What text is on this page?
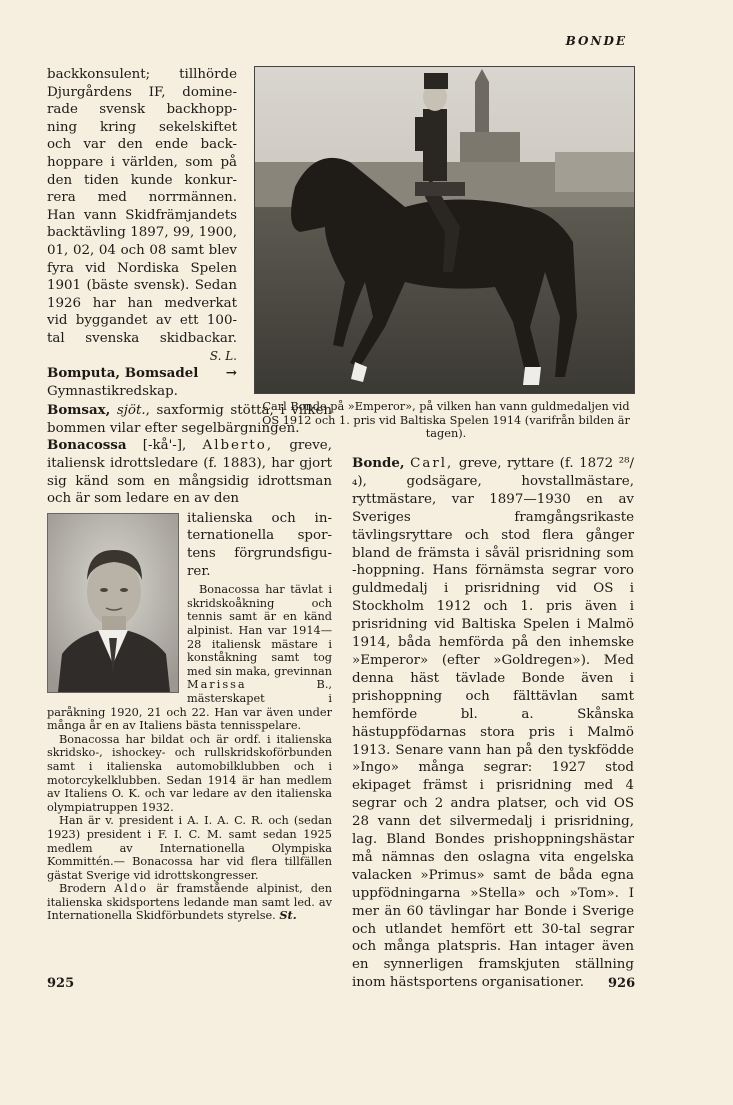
BONDE
backkonsulent; tillhörde
Djurgårdens IF, domine-
rade svensk backhopp-
ning kring sekelskiftet
och var den ende back-
hoppare i världen, som på
den tiden kunde konkur-
rera med norrmännen.
Han vann Skidfrämjandets
backtävling 1897, 99, 1900,
01, 02, 04 och 08 samt blev
fyra vid Nordiska Spelen
1901 (bäste svensk). Sedan
1926 har han medverkat
vid byggandet av ett 100-
tal svenska skidbackar.
S. L.

Bomputa, Bomsadel →

Gymnastikredskap.

Bomsax, sjöt., saxformig stötta, i vilken bommen vilar efter segelbärgningen.

Bonacossa [-kå'-], Alberto, greve, italiensk idrottsledare (f. 1883), har gjort sig känd som en mångsidig idrottsman och är som ledare en av den

italienska och in-
ternationella spor-
tens förgrundsfigu-
rer.

Bonacossa har tävlat i skridskoåkning och tennis samt är en känd alpinist. Han var 1914—28 italiensk mästare i konståkning samt tog med sin maka, grevinnan Marissa	B., mästerskapet i paråkning 1920, 21 och 22. Han var även under många år en av Italiens bästa tennisspelare.

Bonacossa har bildat och är ordf. i italienska skridsko-, ishockey- och rullskridskoförbunden samt i italienska automobilklubben och i motorcykelklubben. Sedan 1914 är han medlem av Italiens O. K. och var ledare av den italienska olympiatruppen 1932.

Han är v. president i A. I. A. C. R. och (sedan 1923) president i F. I. C. M. samt sedan 1925 medlem av Internationella Olympiska Kommittén.— Bonacossa har vid flera tillfällen gästat Sverige vid idrottskongresser.

Brodern Aldo är framstående alpinist, den italienska skidsportens ledande man samt led. av Internationella Skidförbundets styrelse. St.

Carl Bonde på »Emperor», på vilken han vann guldmedaljen vid OS 1912 och 1. pris vid Baltiska Spelen 1914 (varifrån bilden är tagen).

Bonde, Carl, greve, ryttare (f. 1872 ²⁸/₄), godsägare, hovstallmästare, ryttmästare, var 1897—1930 en av Sveriges framgångsrikaste tävlingsryttare och stod flera gånger bland de främsta i såväl prisridning som -hoppning. Hans förnämsta segrar voro guldmedalj i prisridning vid OS i Stockholm 1912 och 1. pris även i prisridning vid Baltiska Spelen i Malmö 1914, båda hemförda på den inhemske »Emperor» (efter »Goldregen»). Med denna häst tävlade Bonde även i prishoppning och fälttävlan samt hemförde bl. a. Skånska hästuppfödarnas stora pris i Malmö 1913. Senare vann han på den tyskfödde »Ingo» många segrar: 1927 stod ekipaget främst i prisridning med 4 segrar och 2 andra platser, och vid OS 28 vann det silvermedalj i prisridning, lag. Bland Bondes prishoppningshästar må nämnas den oslagna vita engelska valacken »Primus» samt de båda egna uppfödningarna »Stella» och »Tom». I mer än 60 tävlingar har Bonde i Sverige och utlandet hemfört ett 30-tal segrar och många platspris. Han intager även en synnerligen framskjuten ställning inom hästsportens organisationer.

925	926
